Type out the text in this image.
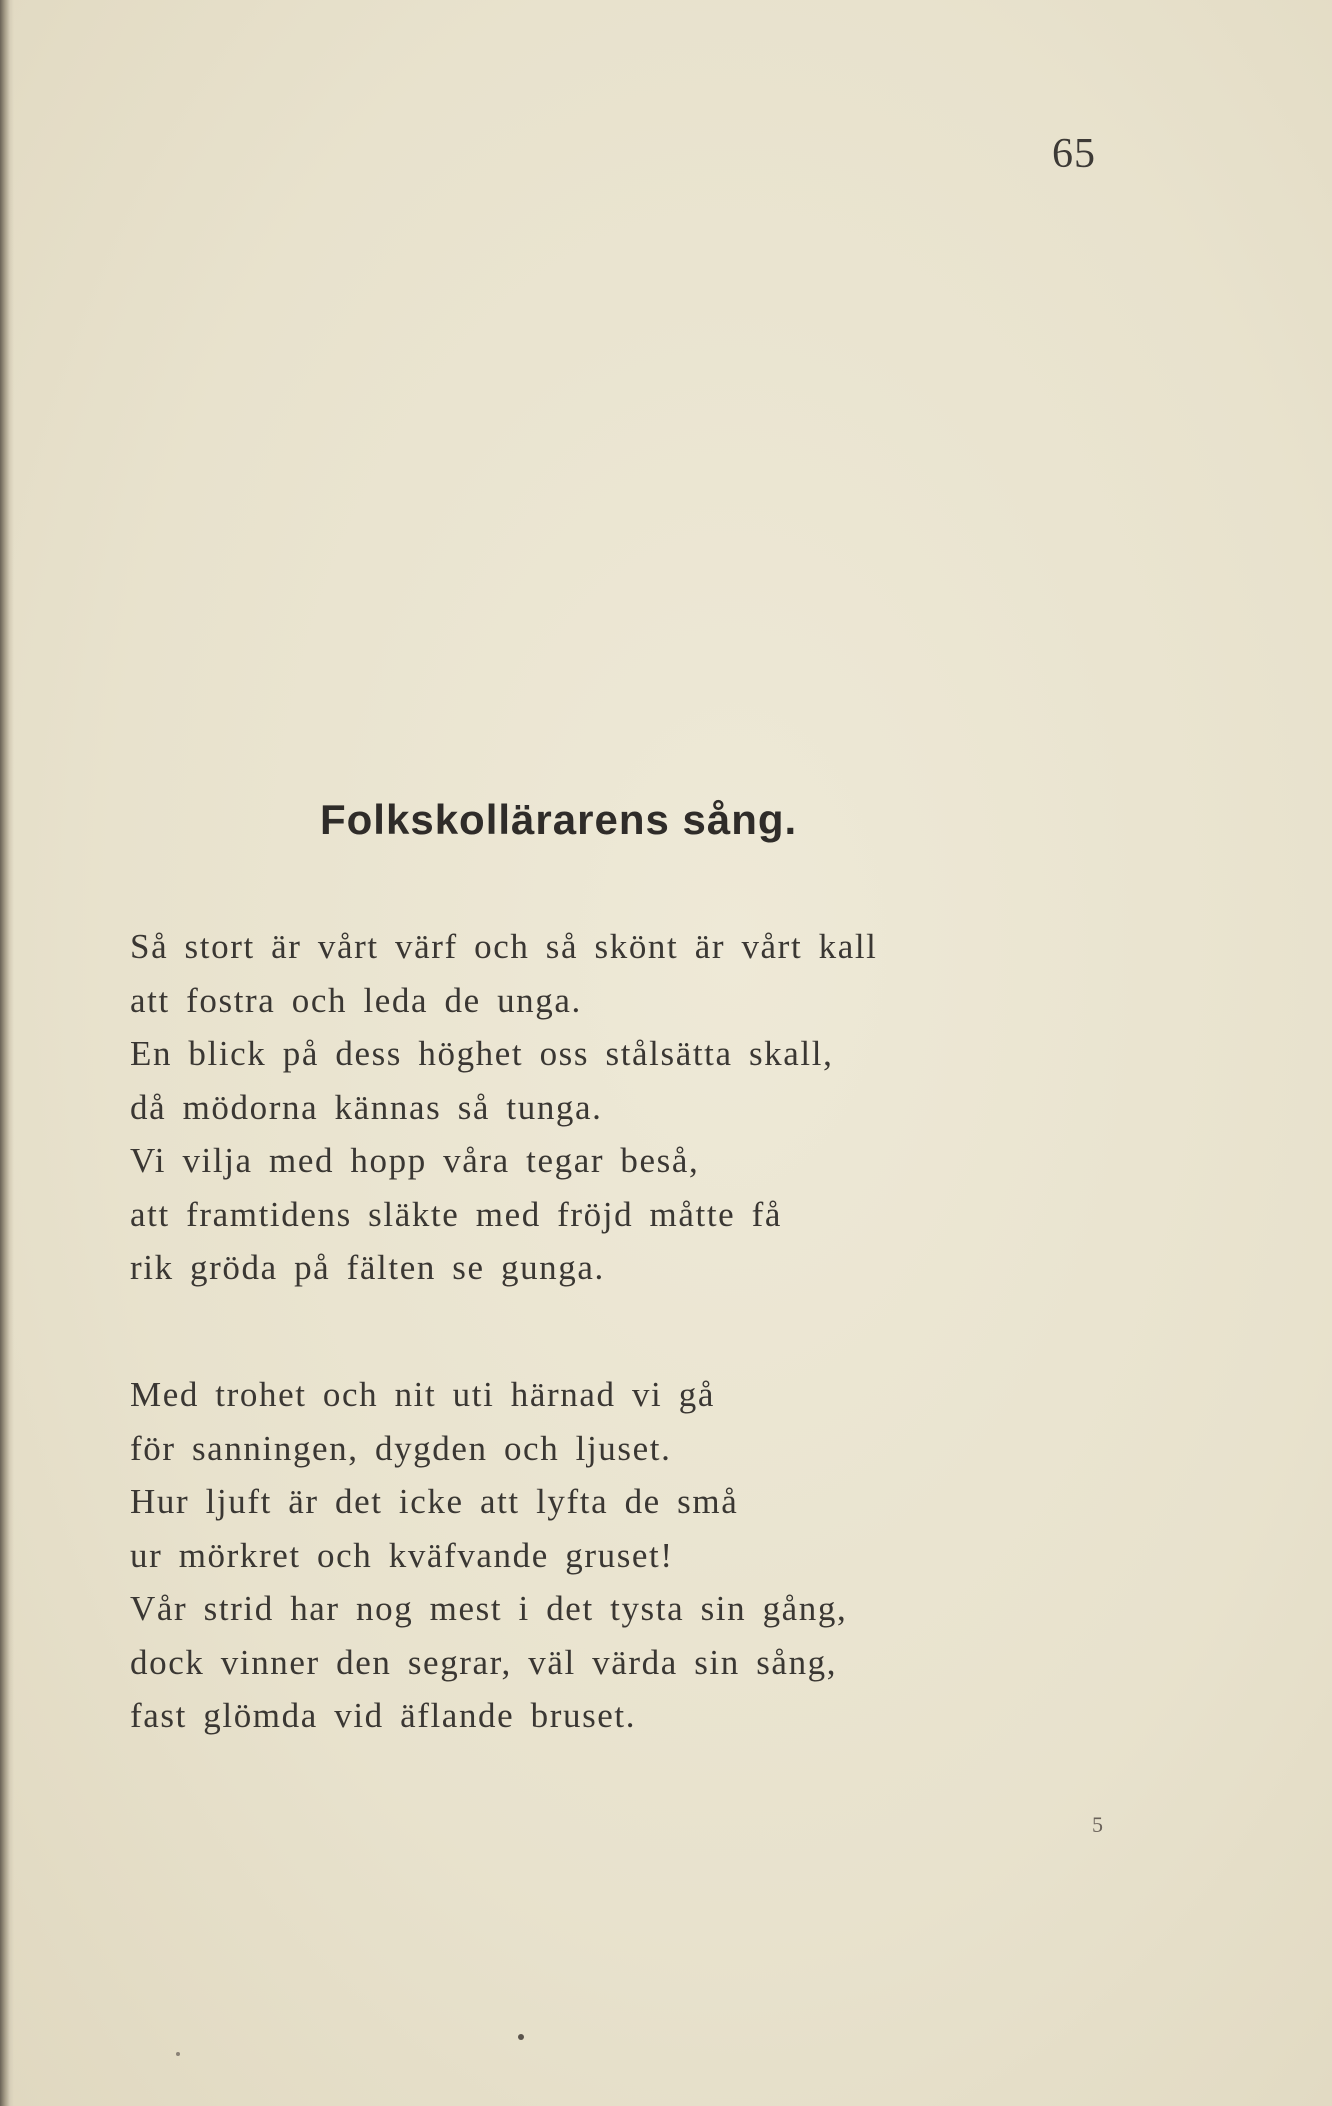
65
Folkskollärarens sång.
Så stort är vårt värf och så skönt är vårt kall
att fostra och leda de unga.
En blick på dess höghet oss stålsätta skall,
då mödorna kännas så tunga.
Vi vilja med hopp våra tegar beså,
att framtidens släkte med fröjd måtte få
rik gröda på fälten se gunga.
Med trohet och nit uti härnad vi gå
för sanningen, dygden och ljuset.
Hur ljuft är det icke att lyfta de små
ur mörkret och kväfvande gruset!
Vår strid har nog mest i det tysta sin gång,
dock vinner den segrar, väl värda sin sång,
fast glömda vid äflande bruset.
5
